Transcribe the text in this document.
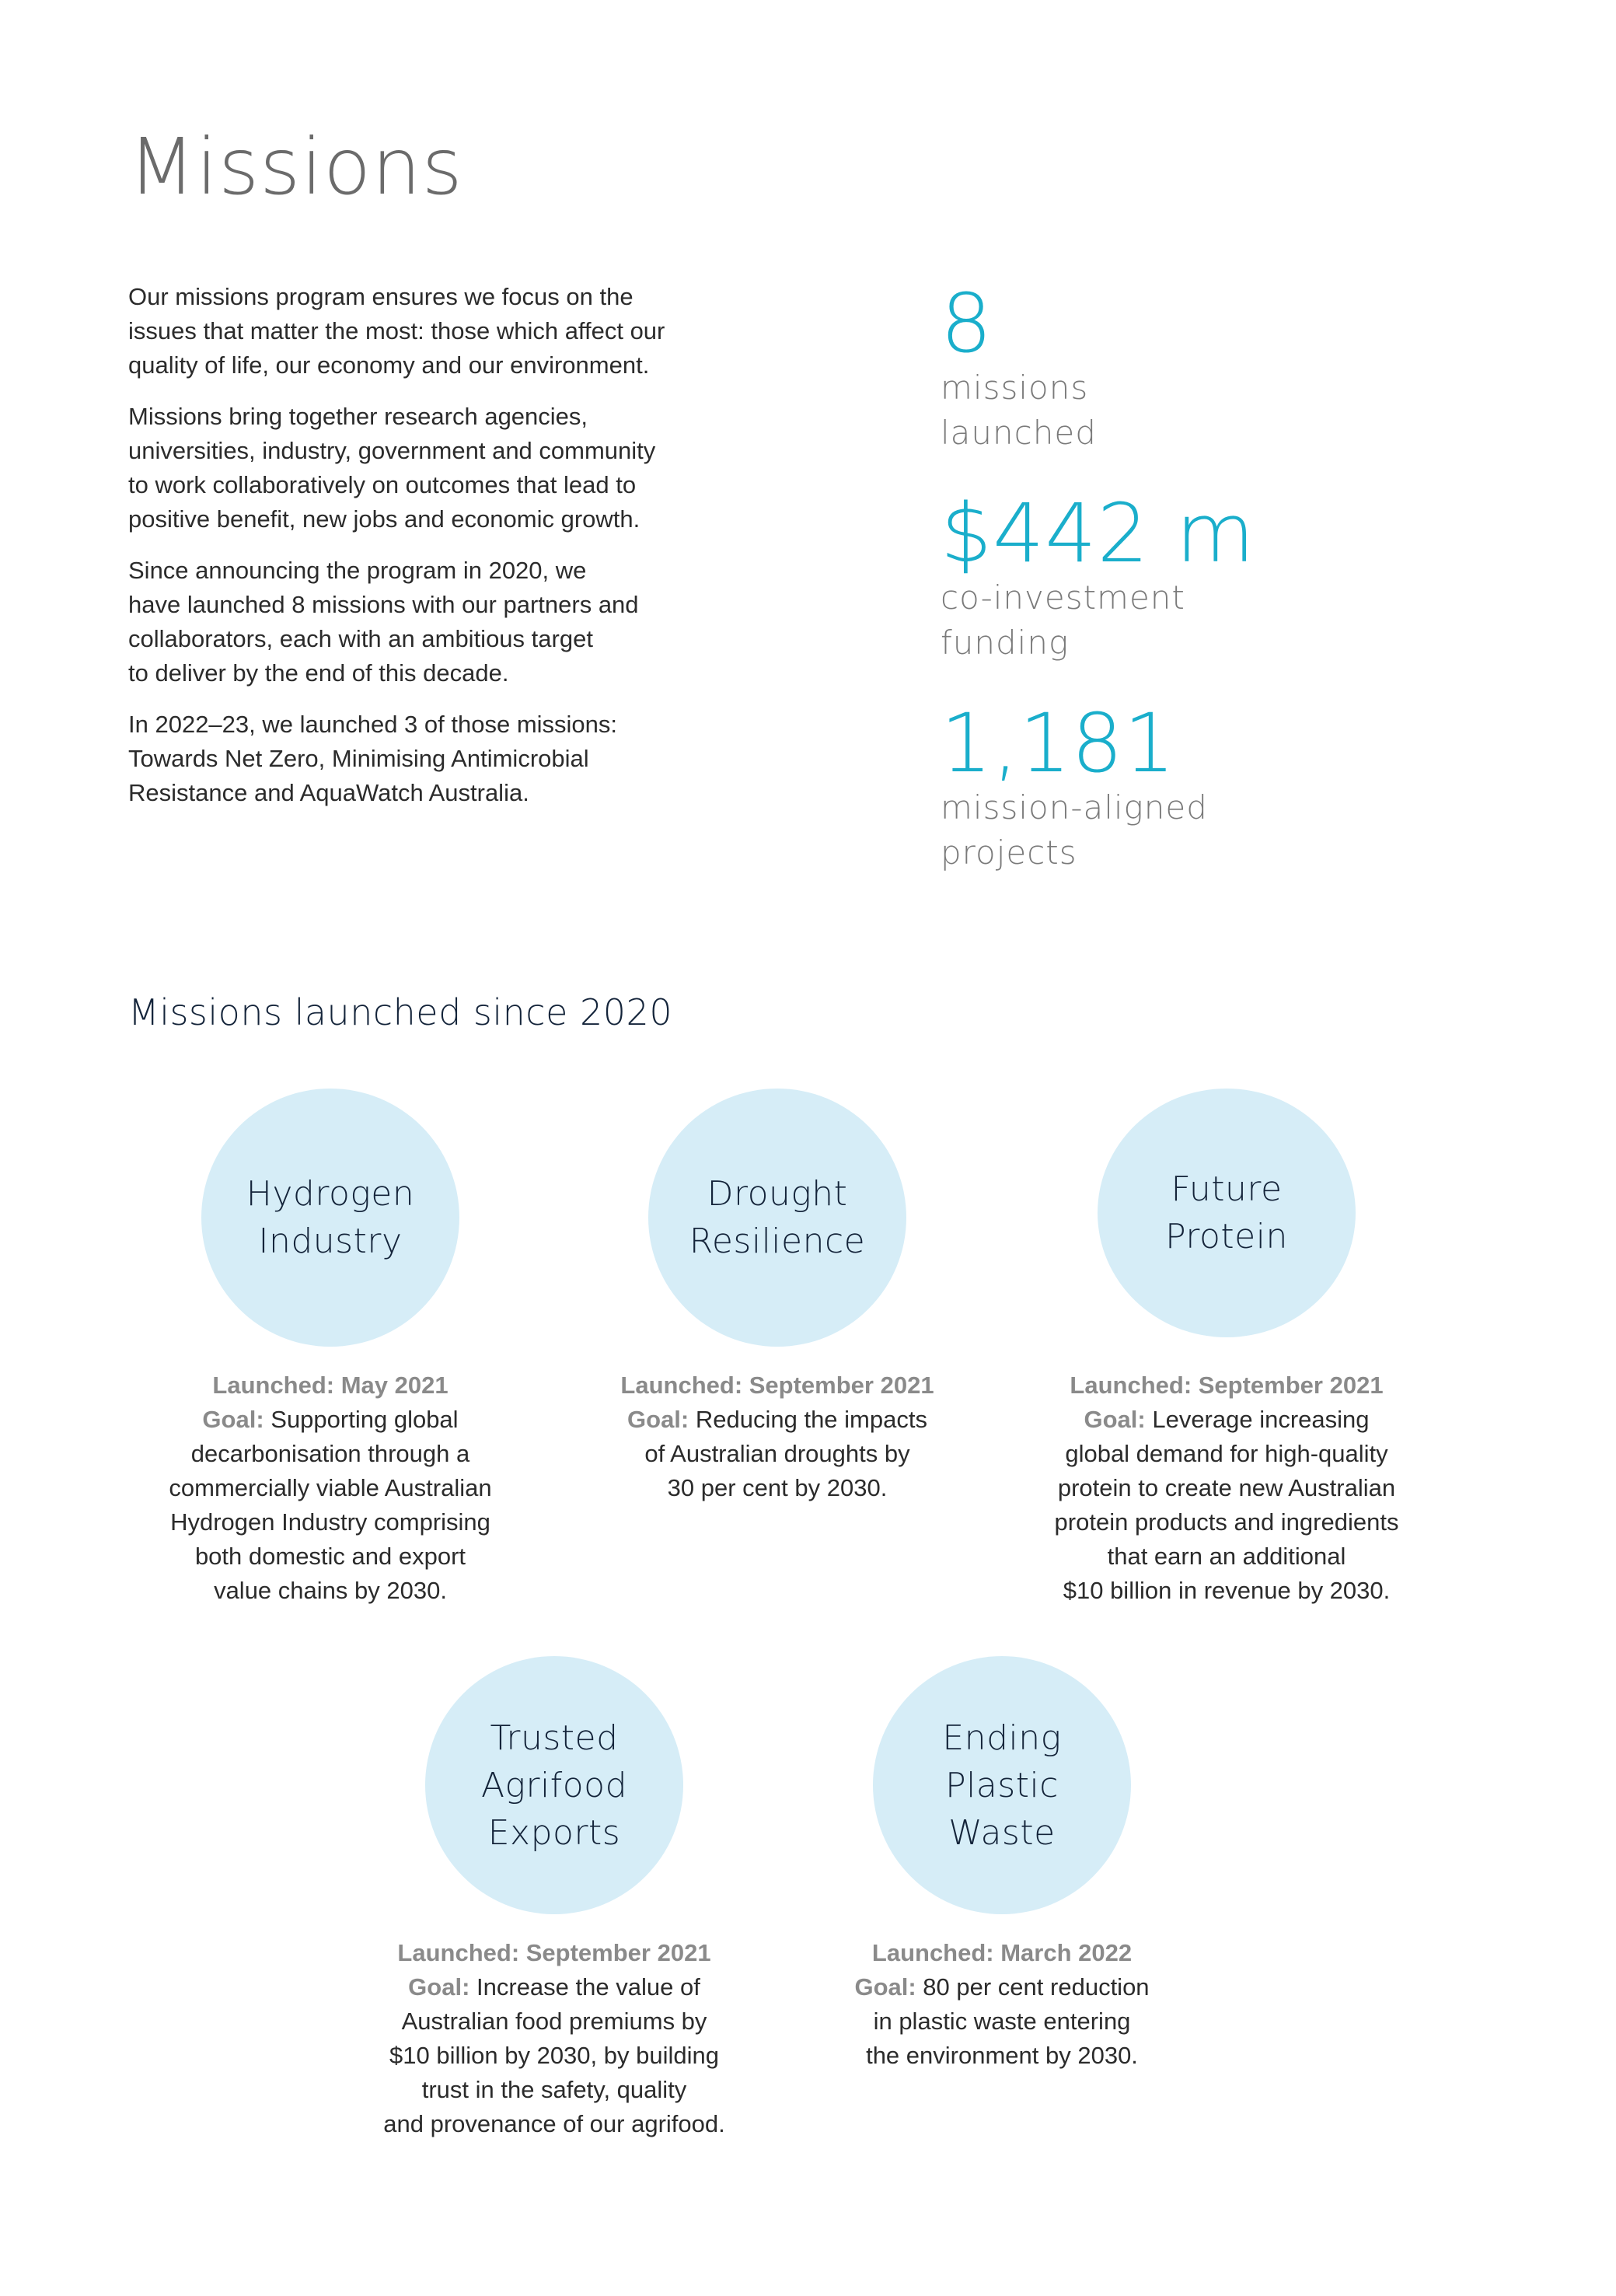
Missions

Our missions program ensures we focus on the
issues that matter the most: those which affect our
quality of life, our economy and our environment.

Missions bring together research agencies,
universities, industry, government and community
to work collaboratively on outcomes that lead to
positive benefit, new jobs and economic growth.

Since announcing the program in 2020, we
have launched 8 missions with our partners and
collaborators, each with an ambitious target
to deliver by the end of this decade.

In 2022–23, we launched 3 of those missions:
Towards Net Zero, Minimising Antimicrobial
Resistance and AquaWatch Australia.

8
missions
launched
$442 m
co-investment
funding
1,181
mission-aligned
projects
Missions launched since 2020
Hydrogen
Industry
Launched: May 2021
Goal: Supporting global
decarbonisation through a
commercially viable Australian
Hydrogen Industry comprising
both domestic and export
value chains by 2030.
Drought
Resilience
Launched: September 2021
Goal: Reducing the impacts
of Australian droughts by
30 per cent by 2030.
Future
Protein
Launched: September 2021
Goal: Leverage increasing
global demand for high-quality
protein to create new Australian
protein products and ingredients
that earn an additional
$10 billion in revenue by 2030.
Trusted
Agrifood
Exports
Launched: September 2021
Goal: Increase the value of
Australian food premiums by
$10 billion by 2030, by building
trust in the safety, quality
and provenance of our agrifood.
Ending
Plastic
Waste
Launched: March 2022
Goal: 80 per cent reduction
in plastic waste entering
the environment by 2030.
